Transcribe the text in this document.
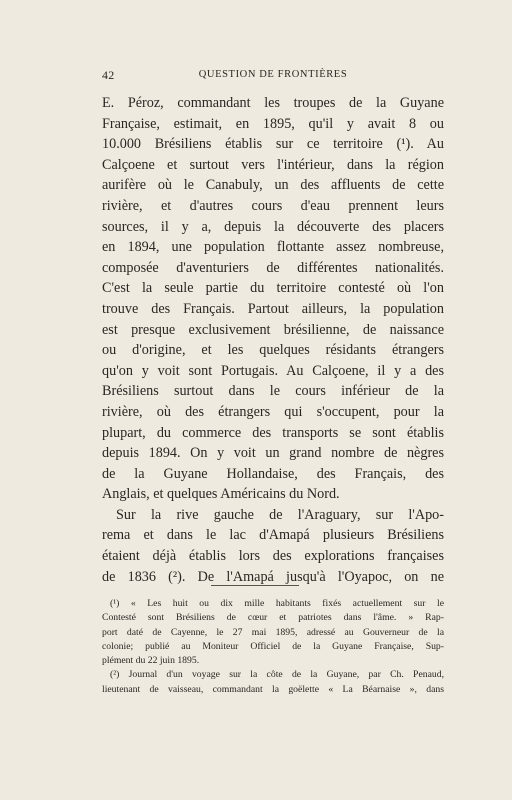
42	QUESTION DE FRONTIÈRES
E. Péroz, commandant les troupes de la Guyane
Française, estimait, en 1895, qu'il y avait 8 ou
10.000 Brésiliens établis sur ce territoire (¹). Au
Calçoene et surtout vers l'intérieur, dans la région
aurifère où le Canabuly, un des affluents de cette
rivière, et d'autres cours d'eau prennent leurs
sources, il y a, depuis la découverte des placers
en 1894, une population flottante assez nombreuse,
composée d'aventuriers de différentes nationalités.
C'est la seule partie du territoire contesté où l'on
trouve des Français. Partout ailleurs, la population
est presque exclusivement brésilienne, de naissance
ou d'origine, et les quelques résidants étrangers
qu'on y voit sont Portugais. Au Calçoene, il y a des
Brésiliens surtout dans le cours inférieur de la
rivière, où des étrangers qui s'occupent, pour la
plupart, du commerce des transports se sont établis
depuis 1894. On y voit un grand nombre de nègres
de la Guyane Hollandaise, des Français, des
Anglais, et quelques Américains du Nord.
Sur la rive gauche de l'Araguary, sur l'Apo-
rema et dans le lac d'Amapá plusieurs Brésiliens
étaient déjà établis lors des explorations françaises
de 1836 (²). De l'Amapá jusqu'à l'Oyapoc, on ne
(¹) « Les huit ou dix mille habitants fixés actuellement sur le
Contesté sont Brésiliens de cœur et patriotes dans l'âme. » Rap-
port daté de Cayenne, le 27 mai 1895, adressé au Gouverneur de la
colonie; publié au Moniteur Officiel de la Guyane Française, Sup-
plément du 22 juin 1895.
(²) Journal d'un voyage sur la côte de la Guyane, par Ch. Penaud,
lieutenant de vaisseau, commandant la goëlette « La Béarnaise », dans
